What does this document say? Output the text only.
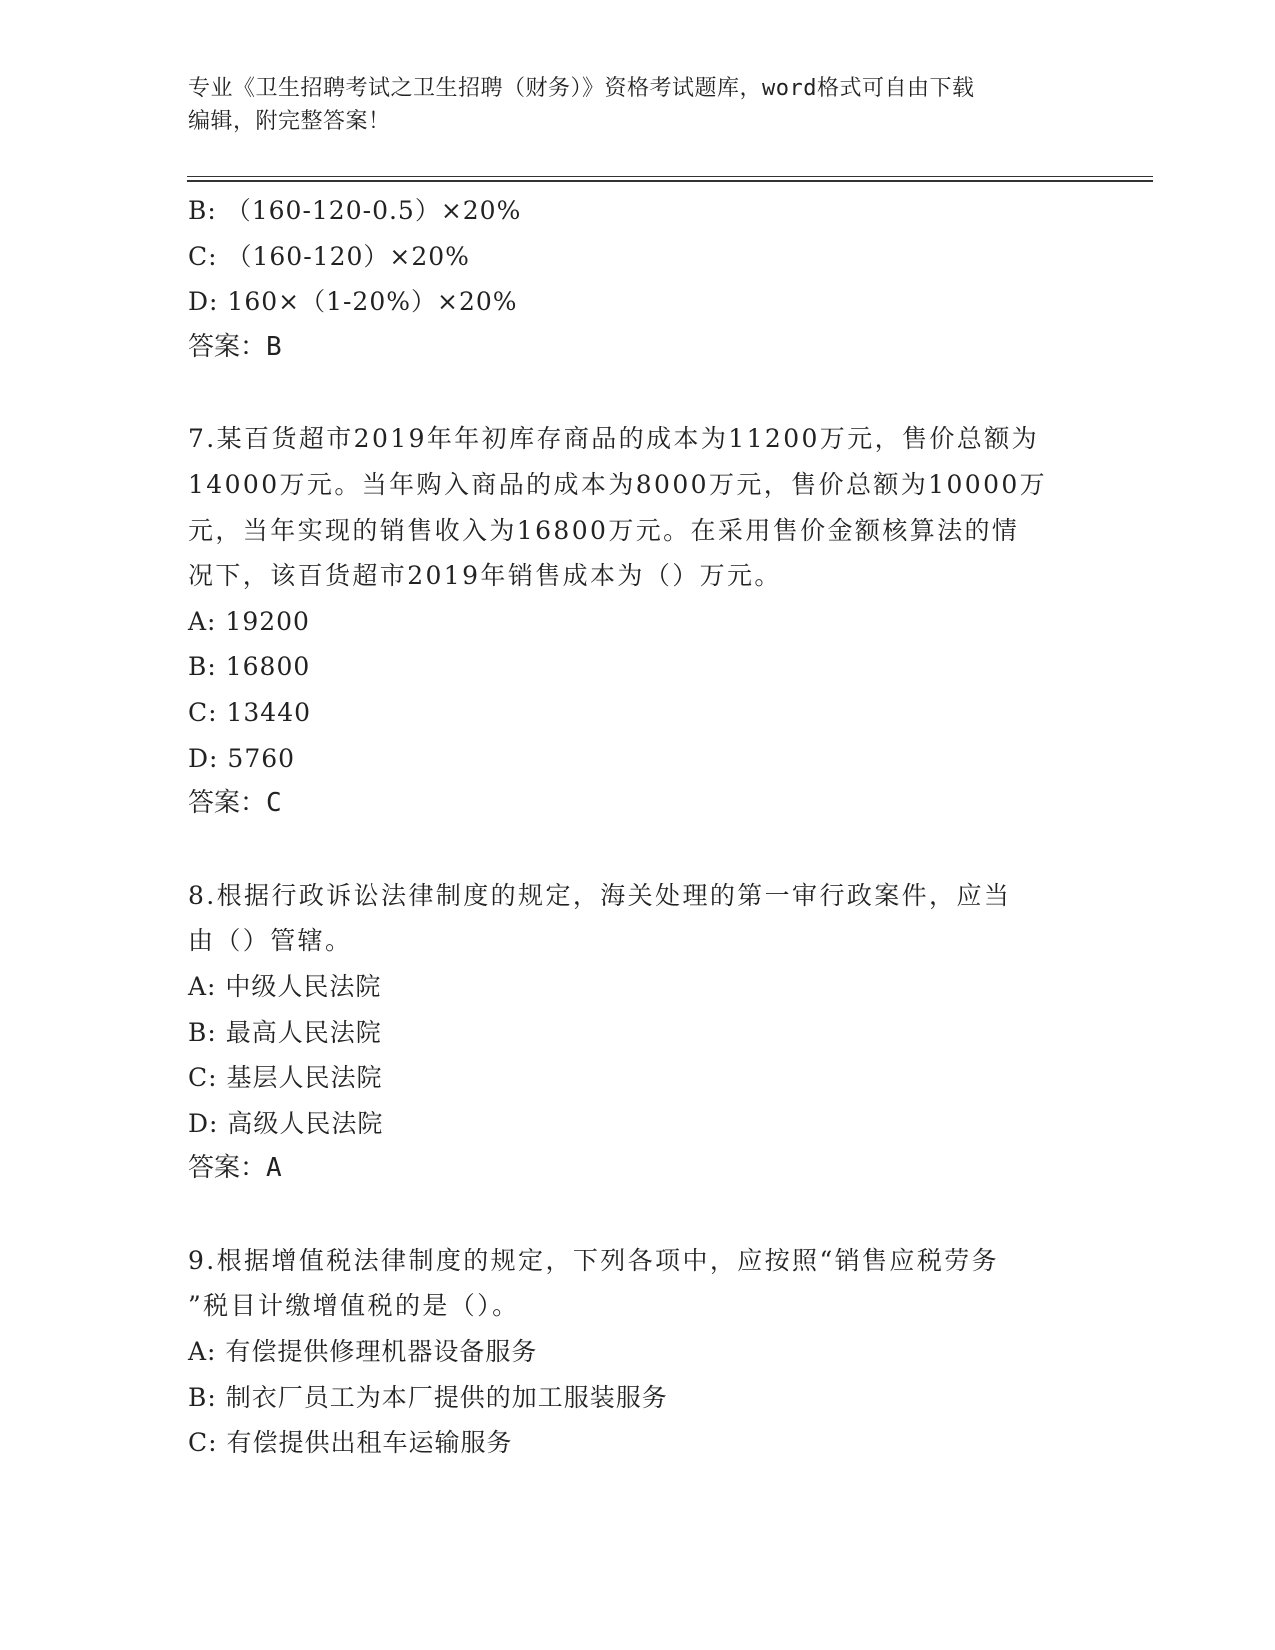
专业《卫生招聘考试之卫生招聘（财务）》资格考试题库，word格式可自由下载
编辑，附完整答案！
B: （160-120-0.5）×20%
C: （160-120）×20%
D: 160×（1-20%）×20%
答案：B
7.某百货超市2019年年初库存商品的成本为11200万元，售价总额为
14000万元。当年购入商品的成本为8000万元，售价总额为10000万
元，当年实现的销售收入为16800万元。在采用售价金额核算法的情
况下，该百货超市2019年销售成本为（）万元。
A: 19200
B: 16800
C: 13440
D: 5760
答案：C
8.根据行政诉讼法律制度的规定，海关处理的第一审行政案件，应当
由（）管辖。
A: 中级人民法院
B: 最高人民法院
C: 基层人民法院
D: 高级人民法院
答案：A
9.根据增值税法律制度的规定，下列各项中，应按照“销售应税劳务
”税目计缴增值税的是（）。
A: 有偿提供修理机器设备服务
B: 制衣厂员工为本厂提供的加工服装服务
C: 有偿提供出租车运输服务
